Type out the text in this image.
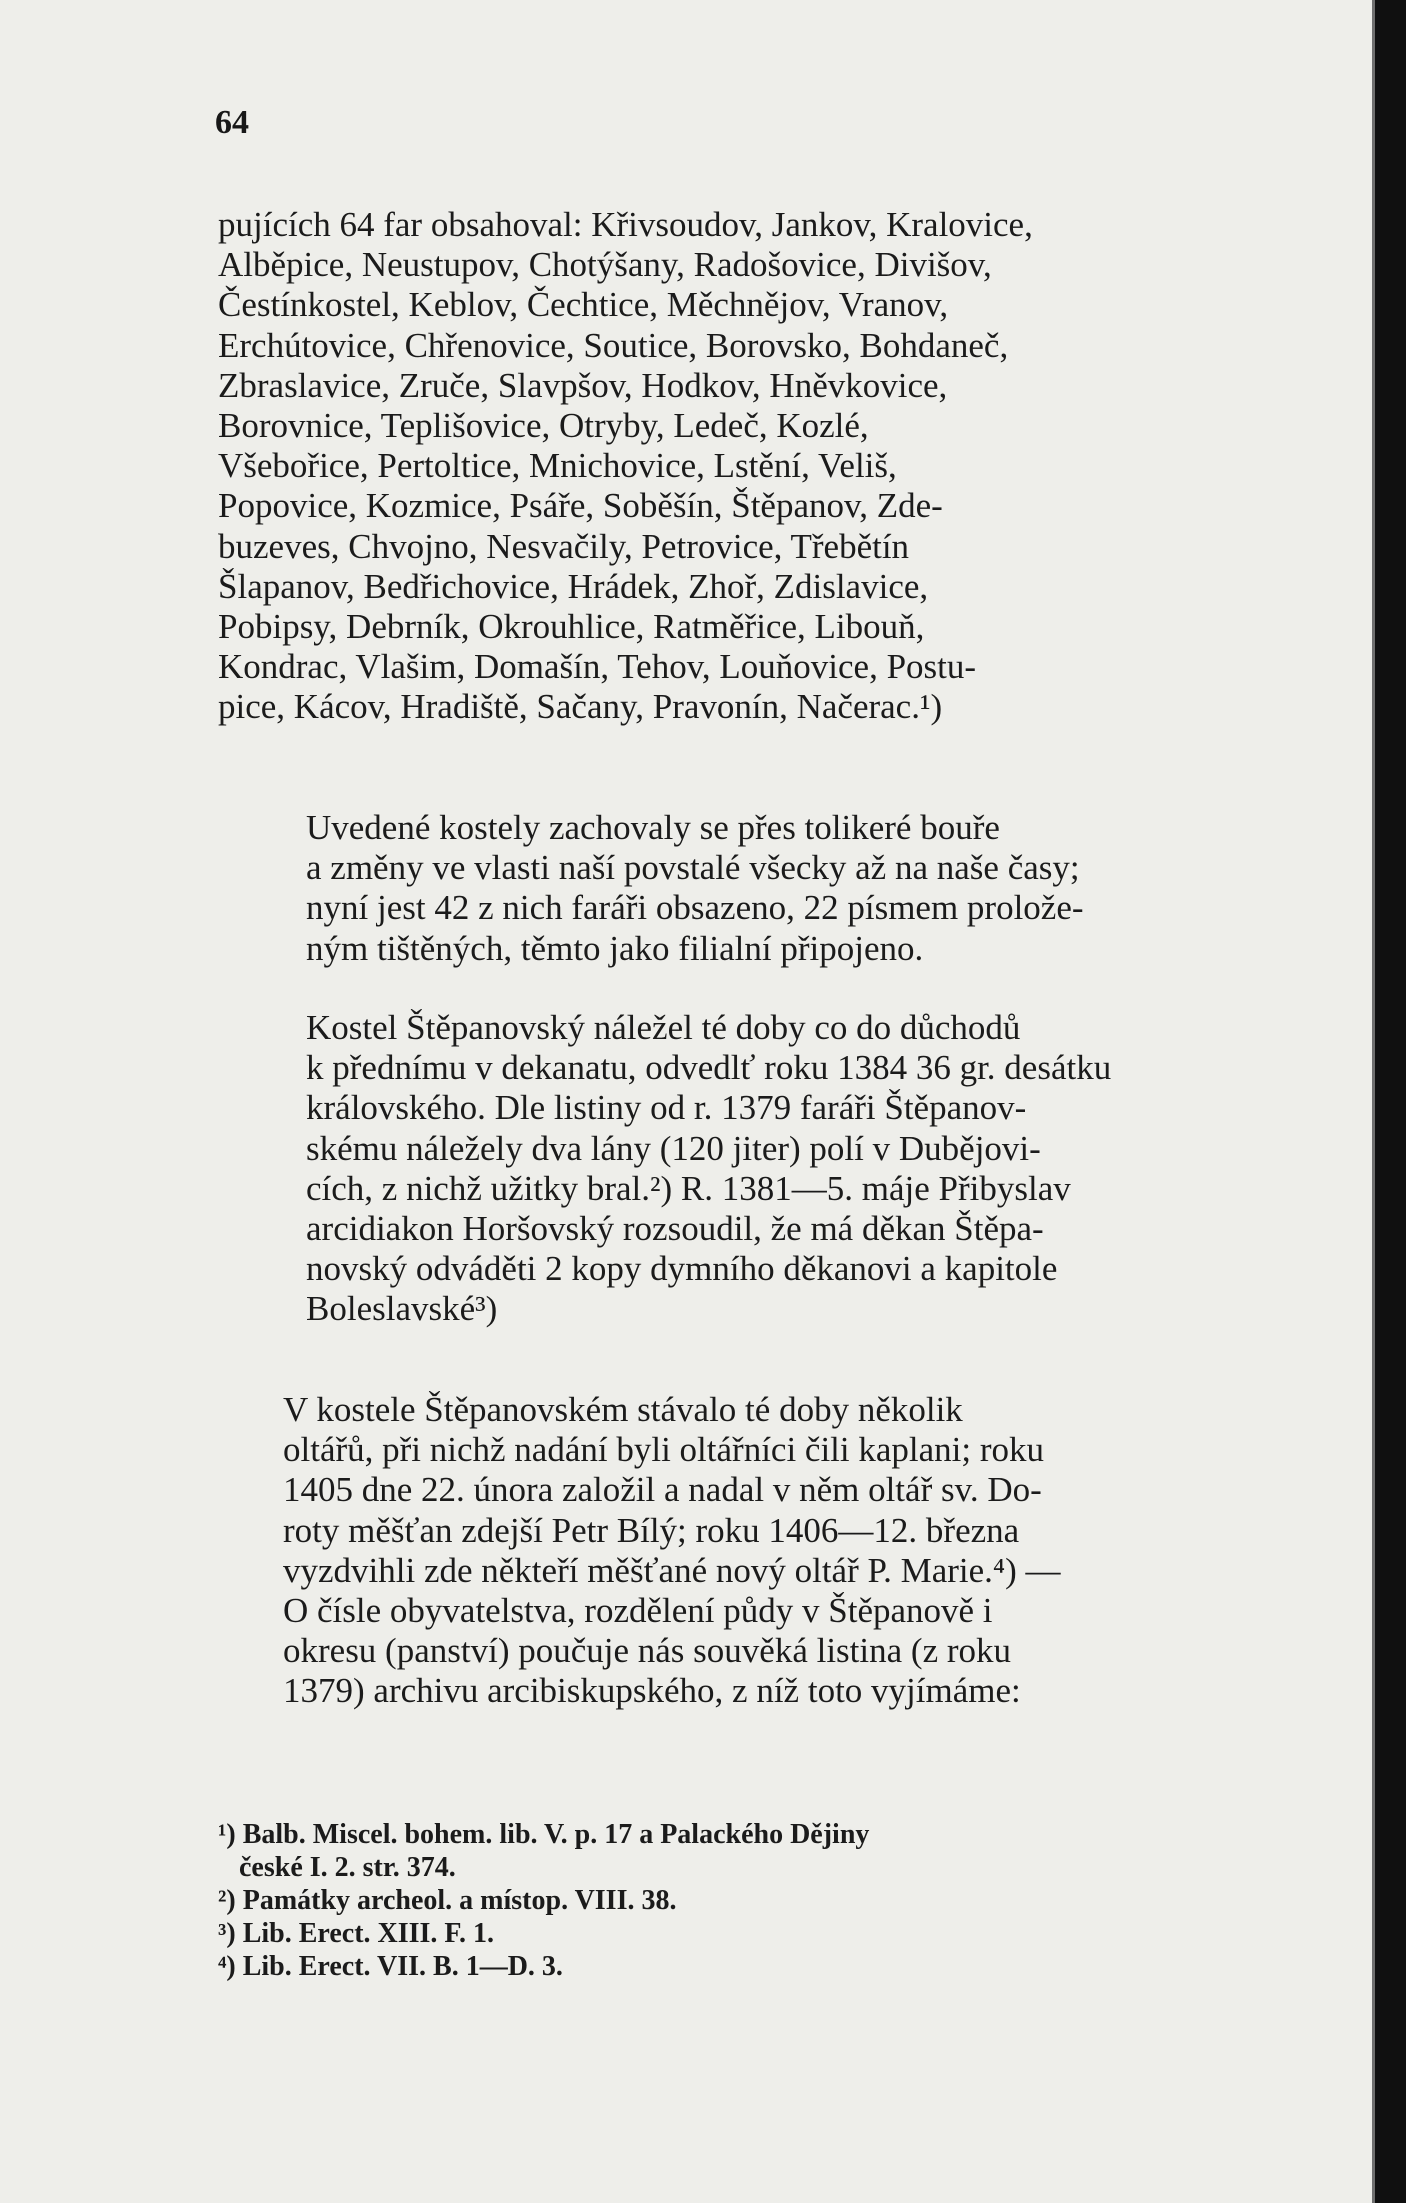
64
pujících 64 far obsahoval: Křivsoudov, Jankov, Kralovice,
Alběpice, Neustupov, Chotýšany, Radošovice, Divišov,
Čestínkostel, Keblov, Čechtice, Měchnějov, Vranov,
Erchútovice, Chřenovice, Soutice, Borovsko, Bohdaneč,
Zbraslavice, Zruče, Slavpšov, Hodkov, Hněvkovice,
Borovnice, Teplišovice, Otryby, Ledeč, Kozlé,
Všebořice, Pertoltice, Mnichovice, Lstění, Veliš,
Popovice, Kozmice, Psáře, Soběšín, Štěpanov, Zde-
buzeves, Chvojno, Nesvačily, Petrovice, Třebětín
Šlapanov, Bedřichovice, Hrádek, Zhoř, Zdislavice,
Pobipsy, Debrník, Okrouhlice, Ratměřice, Libouň,
Kondrac, Vlašim, Domašín, Tehov, Louňovice, Postu-
pice, Kácov, Hradiště, Sačany, Pravonín, Načerac.¹)
Uvedené kostely zachovaly se přes tolikeré bouře
a změny ve vlasti naší povstalé všecky až na naše časy;
nyní jest 42 z nich faráři obsazeno, 22 písmem prolože-
ným tištěných, těmto jako filialní připojeno.
Kostel Štěpanovský náležel té doby co do důchodů
k přednímu v dekanatu, odvedlť roku 1384 36 gr. desátku
královského. Dle listiny od r. 1379 faráři Štěpanov-
skému náležely dva lány (120 jiter) polí v Dubějovi-
cích, z nichž užitky bral.²) R. 1381—5. máje Přibyslav
arcidiakon Horšovský rozsoudil, že má děkan Štěpa-
novský odváděti 2 kopy dymního děkanovi a kapitole
Boleslavské³)
V kostele Štěpanovském stávalo té doby několik
oltářů, při nichž nadání byli oltářníci čili kaplani; roku
1405 dne 22. února založil a nadal v něm oltář sv. Do-
roty měšťan zdejší Petr Bílý; roku 1406—12. března
vyzdvihli zde někteří měšťané nový oltář P. Marie.⁴) —
O čísle obyvatelstva, rozdělení půdy v Štěpanově i
okresu (panství) poučuje nás souvěká listina (z roku
1379) archivu arcibiskupského, z níž toto vyjímáme:
¹) Balb. Miscel. bohem. lib. V. p. 17 a Palackého Dějiny
české I. 2. str. 374.
²) Památky archeol. a místop. VIII. 38.
³) Lib. Erect. XIII. F. 1.
⁴) Lib. Erect. VII. B. 1—D. 3.
